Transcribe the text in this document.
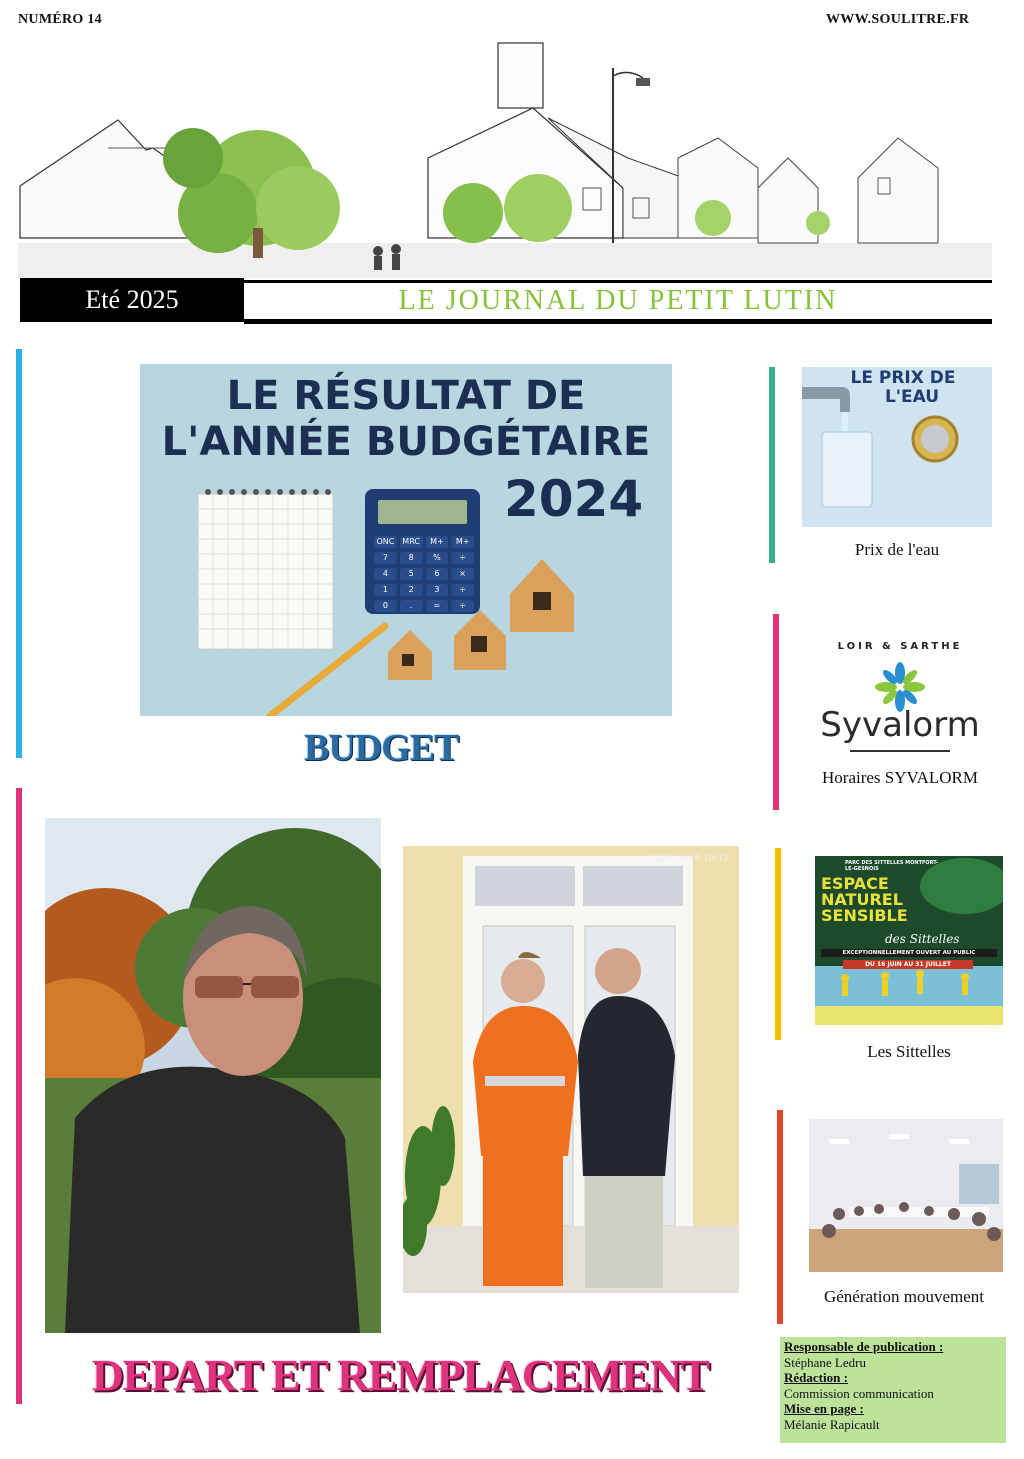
NUMÉRO 14	WWW.SOULITRE.FR
Eté 2025	LE JOURNAL DU PETIT LUTIN
ONC MRC	M+	M+
7	8	%	÷
4	5	6	×
1	2	3	+
0	.	=	+
LE RÉSULTAT DE
L'ANNÉE BUDGÉTAIRE
2024
BUDGET
2025.06.16 10:17
DEPART ET REMPLACEMENT
LE PRIX DE
L'EAU
Prix de l'eau
LOIR & SARTHE
Syvalorm
Horaires SYVALORM
PARC DES SITTELLES MONTFORT-LE-GESNOIS
ESPACE
NATUREL
SENSIBLE
des Sittelles
EXCEPTIONNELLEMENT OUVERT AU PUBLIC
DU 16 JUIN AU 31 JUILLET
Les Sittelles
Génération mouvement
Responsable de publication :
Stéphane Ledru
Rédaction :
Commission communication
Mise en page :
Mélanie Rapicault
